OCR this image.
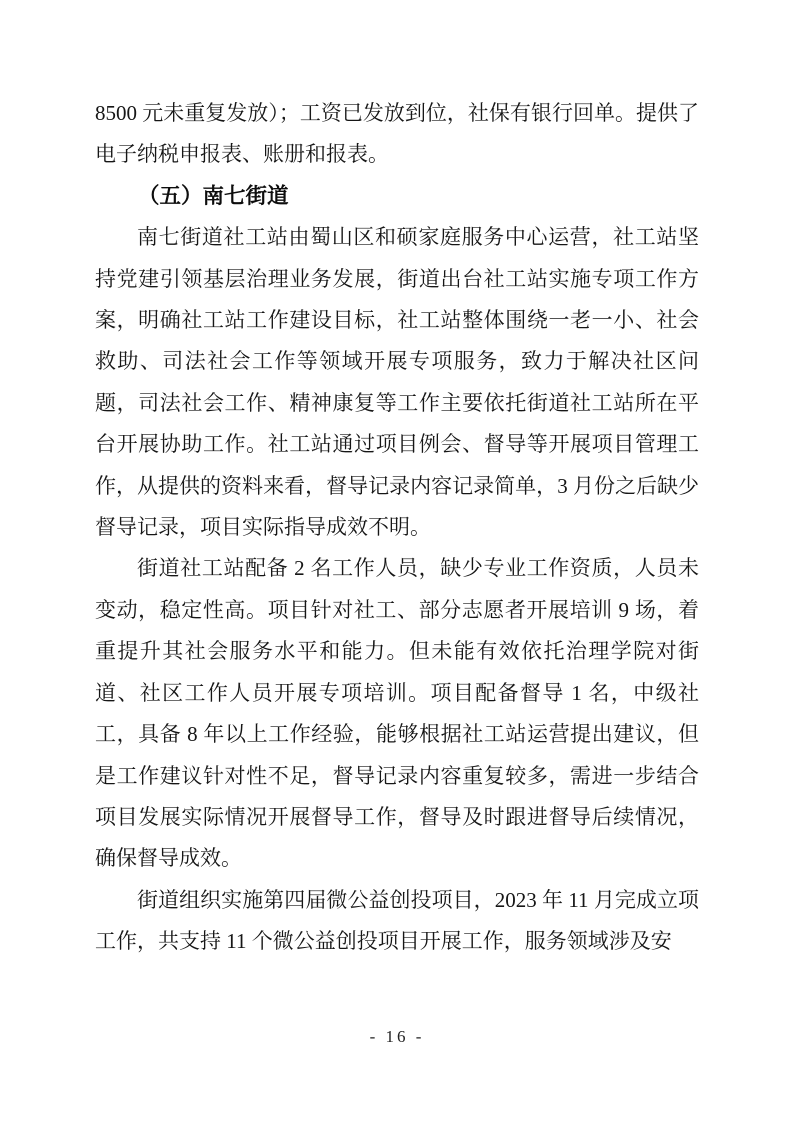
8500 元未重复发放）；工资已发放到位，社保有银行回单。提供了电子纳税申报表、账册和报表。

（五）南七街道

南七街道社工站由蜀山区和硕家庭服务中心运营，社工站坚持党建引领基层治理业务发展，街道出台社工站实施专项工作方案，明确社工站工作建设目标，社工站整体围绕一老一小、社会救助、司法社会工作等领域开展专项服务，致力于解决社区问题，司法社会工作、精神康复等工作主要依托街道社工站所在平台开展协助工作。社工站通过项目例会、督导等开展项目管理工作，从提供的资料来看，督导记录内容记录简单，3 月份之后缺少督导记录，项目实际指导成效不明。

街道社工站配备 2 名工作人员，缺少专业工作资质，人员未变动，稳定性高。项目针对社工、部分志愿者开展培训 9 场，着重提升其社会服务水平和能力。但未能有效依托治理学院对街道、社区工作人员开展专项培训。项目配备督导 1 名，中级社工，具备 8 年以上工作经验，能够根据社工站运营提出建议，但是工作建议针对性不足，督导记录内容重复较多，需进一步结合项目发展实际情况开展督导工作，督导及时跟进督导后续情况，确保督导成效。

街道组织实施第四届微公益创投项目，2023 年 11 月完成立项工作，共支持 11 个微公益创投项目开展工作，服务领域涉及安

- 16 -
